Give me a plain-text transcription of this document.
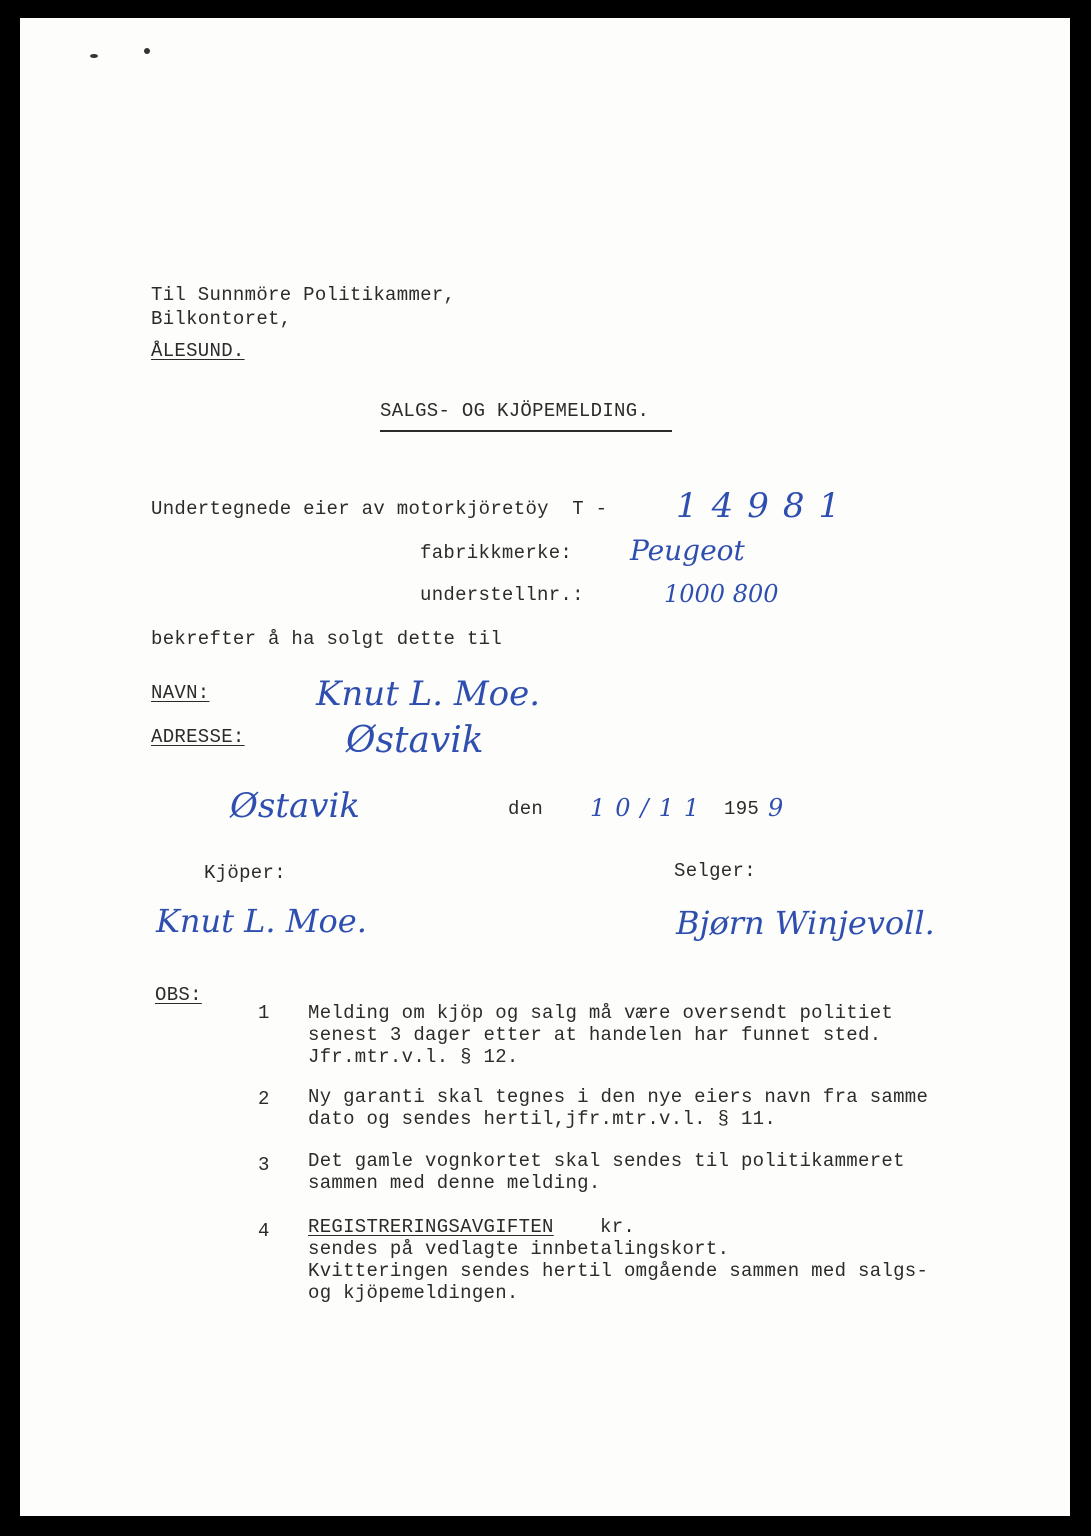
Til Sunnmöre Politikammer,
Bilkontoret,
ÅLESUND.
SALGS- OG KJÖPEMELDING.
Undertegnede eier av motorkjöretöy  T - 14981
fabrikkmerke: Peugeot
understellnr.:	1000 800
bekrefter å ha solgt dette til
NAVN:	Knut L. Moe.
ADRESSE:	Østavik
Østavik	den 10/11 195 9
Kjöper:	Selger:
Knut L. Moe.	Bjørn Winjevoll.
OBS:
1 Melding om kjöp og salg må være oversendt politiet
senest 3 dager etter at handelen har funnet sted.
Jfr.mtr.v.l. § 12.
2 Ny garanti skal tegnes i den nye eiers navn fra samme
dato og sendes hertil,jfr.mtr.v.l. § 11.
3 Det gamle vognkortet skal sendes til politikammeret
sammen med denne melding.
4 REGISTRERINGSAVGIFTEN kr.
sendes på vedlagte innbetalingskort.
Kvitteringen sendes hertil omgående sammen med salgs-
og kjöpemeldingen.
